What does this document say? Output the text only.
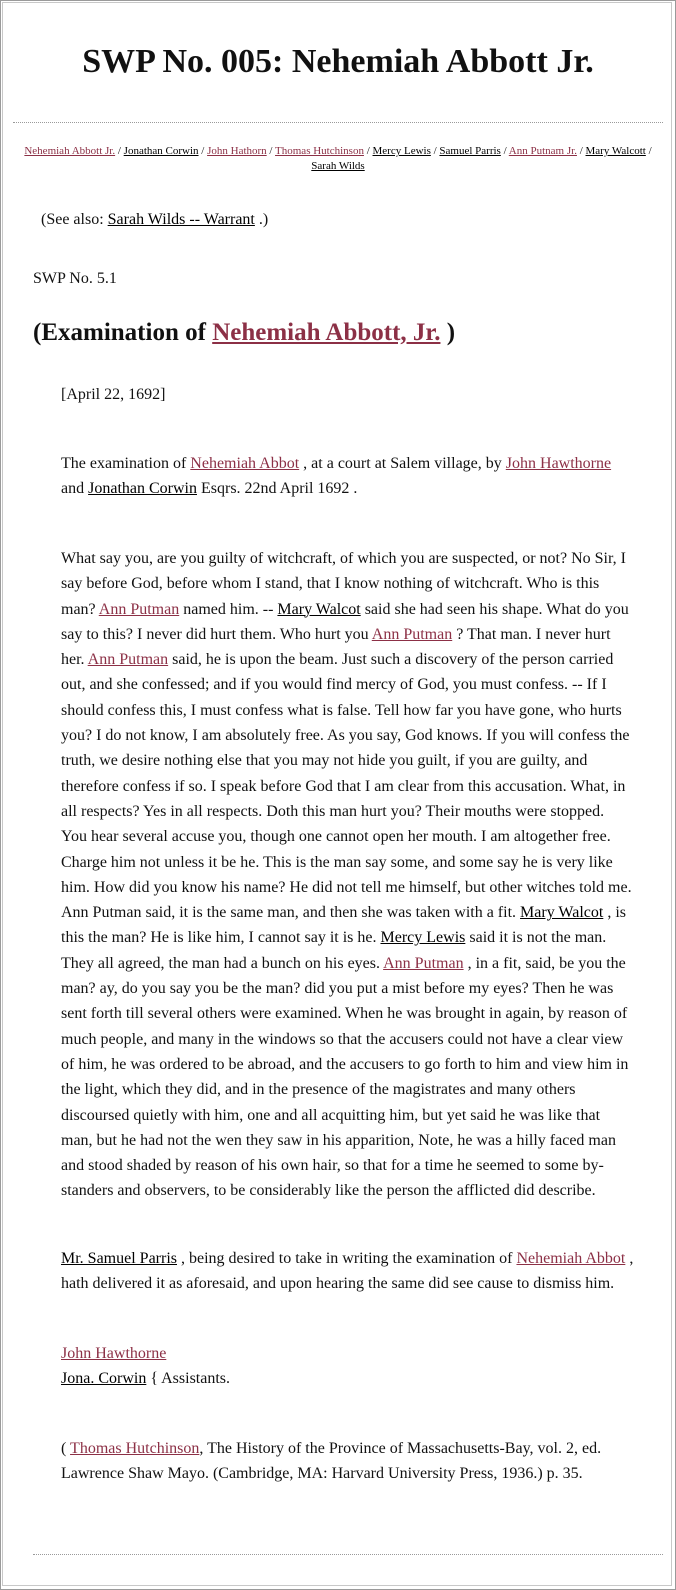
SWP No. 005: Nehemiah Abbott Jr.
Nehemiah Abbott Jr. / Jonathan Corwin / John Hathorn / Thomas Hutchinson / Mercy Lewis / Samuel Parris / Ann Putnam Jr. / Mary Walcott /
Sarah Wilds
(See also: Sarah Wilds -- Warrant .)
SWP No. 5.1
(Examination of Nehemiah Abbott, Jr. )
[April 22, 1692]
The examination of Nehemiah Abbot , at a court at Salem village, by John Hawthorne
and Jonathan Corwin Esqrs. 22nd April 1692 .
What say you, are you guilty of witchcraft, of which you are suspected, or not? No Sir, I
say before God, before whom I stand, that I know nothing of witchcraft. Who is this
man? Ann Putman named him. -- Mary Walcot said she had seen his shape. What do you
say to this? I never did hurt them. Who hurt you Ann Putman ? That man. I never hurt
her. Ann Putman said, he is upon the beam. Just such a discovery of the person carried
out, and she confessed; and if you would find mercy of God, you must confess. -- If I
should confess this, I must confess what is false. Tell how far you have gone, who hurts
you? I do not know, I am absolutely free. As you say, God knows. If you will confess the
truth, we desire nothing else that you may not hide you guilt, if you are guilty, and
therefore confess if so. I speak before God that I am clear from this accusation. What, in
all respects? Yes in all respects. Doth this man hurt you? Their mouths were stopped.
You hear several accuse you, though one cannot open her mouth. I am altogether free.
Charge him not unless it be he. This is the man say some, and some say he is very like
him. How did you know his name? He did not tell me himself, but other witches told me.
Ann Putman said, it is the same man, and then she was taken with a fit. Mary Walcot , is
this the man? He is like him, I cannot say it is he. Mercy Lewis said it is not the man.
They all agreed, the man had a bunch on his eyes. Ann Putman , in a fit, said, be you the
man? ay, do you say you be the man? did you put a mist before my eyes? Then he was
sent forth till several others were examined. When he was brought in again, by reason of
much people, and many in the windows so that the accusers could not have a clear view
of him, he was ordered to be abroad, and the accusers to go forth to him and view him in
the light, which they did, and in the presence of the magistrates and many others
discoursed quietly with him, one and all acquitting him, but yet said he was like that
man, but he had not the wen they saw in his apparition, Note, he was a hilly faced man
and stood shaded by reason of his own hair, so that for a time he seemed to some by-
standers and observers, to be considerably like the person the afflicted did describe.
Mr. Samuel Parris , being desired to take in writing the examination of Nehemiah Abbot ,
hath delivered it as aforesaid, and upon hearing the same did see cause to dismiss him.
John Hawthorne
Jona. Corwin { Assistants.
( Thomas Hutchinson, The History of the Province of Massachusetts-Bay, vol. 2, ed.
Lawrence Shaw Mayo. (Cambridge, MA: Harvard University Press, 1936.) p. 35.
